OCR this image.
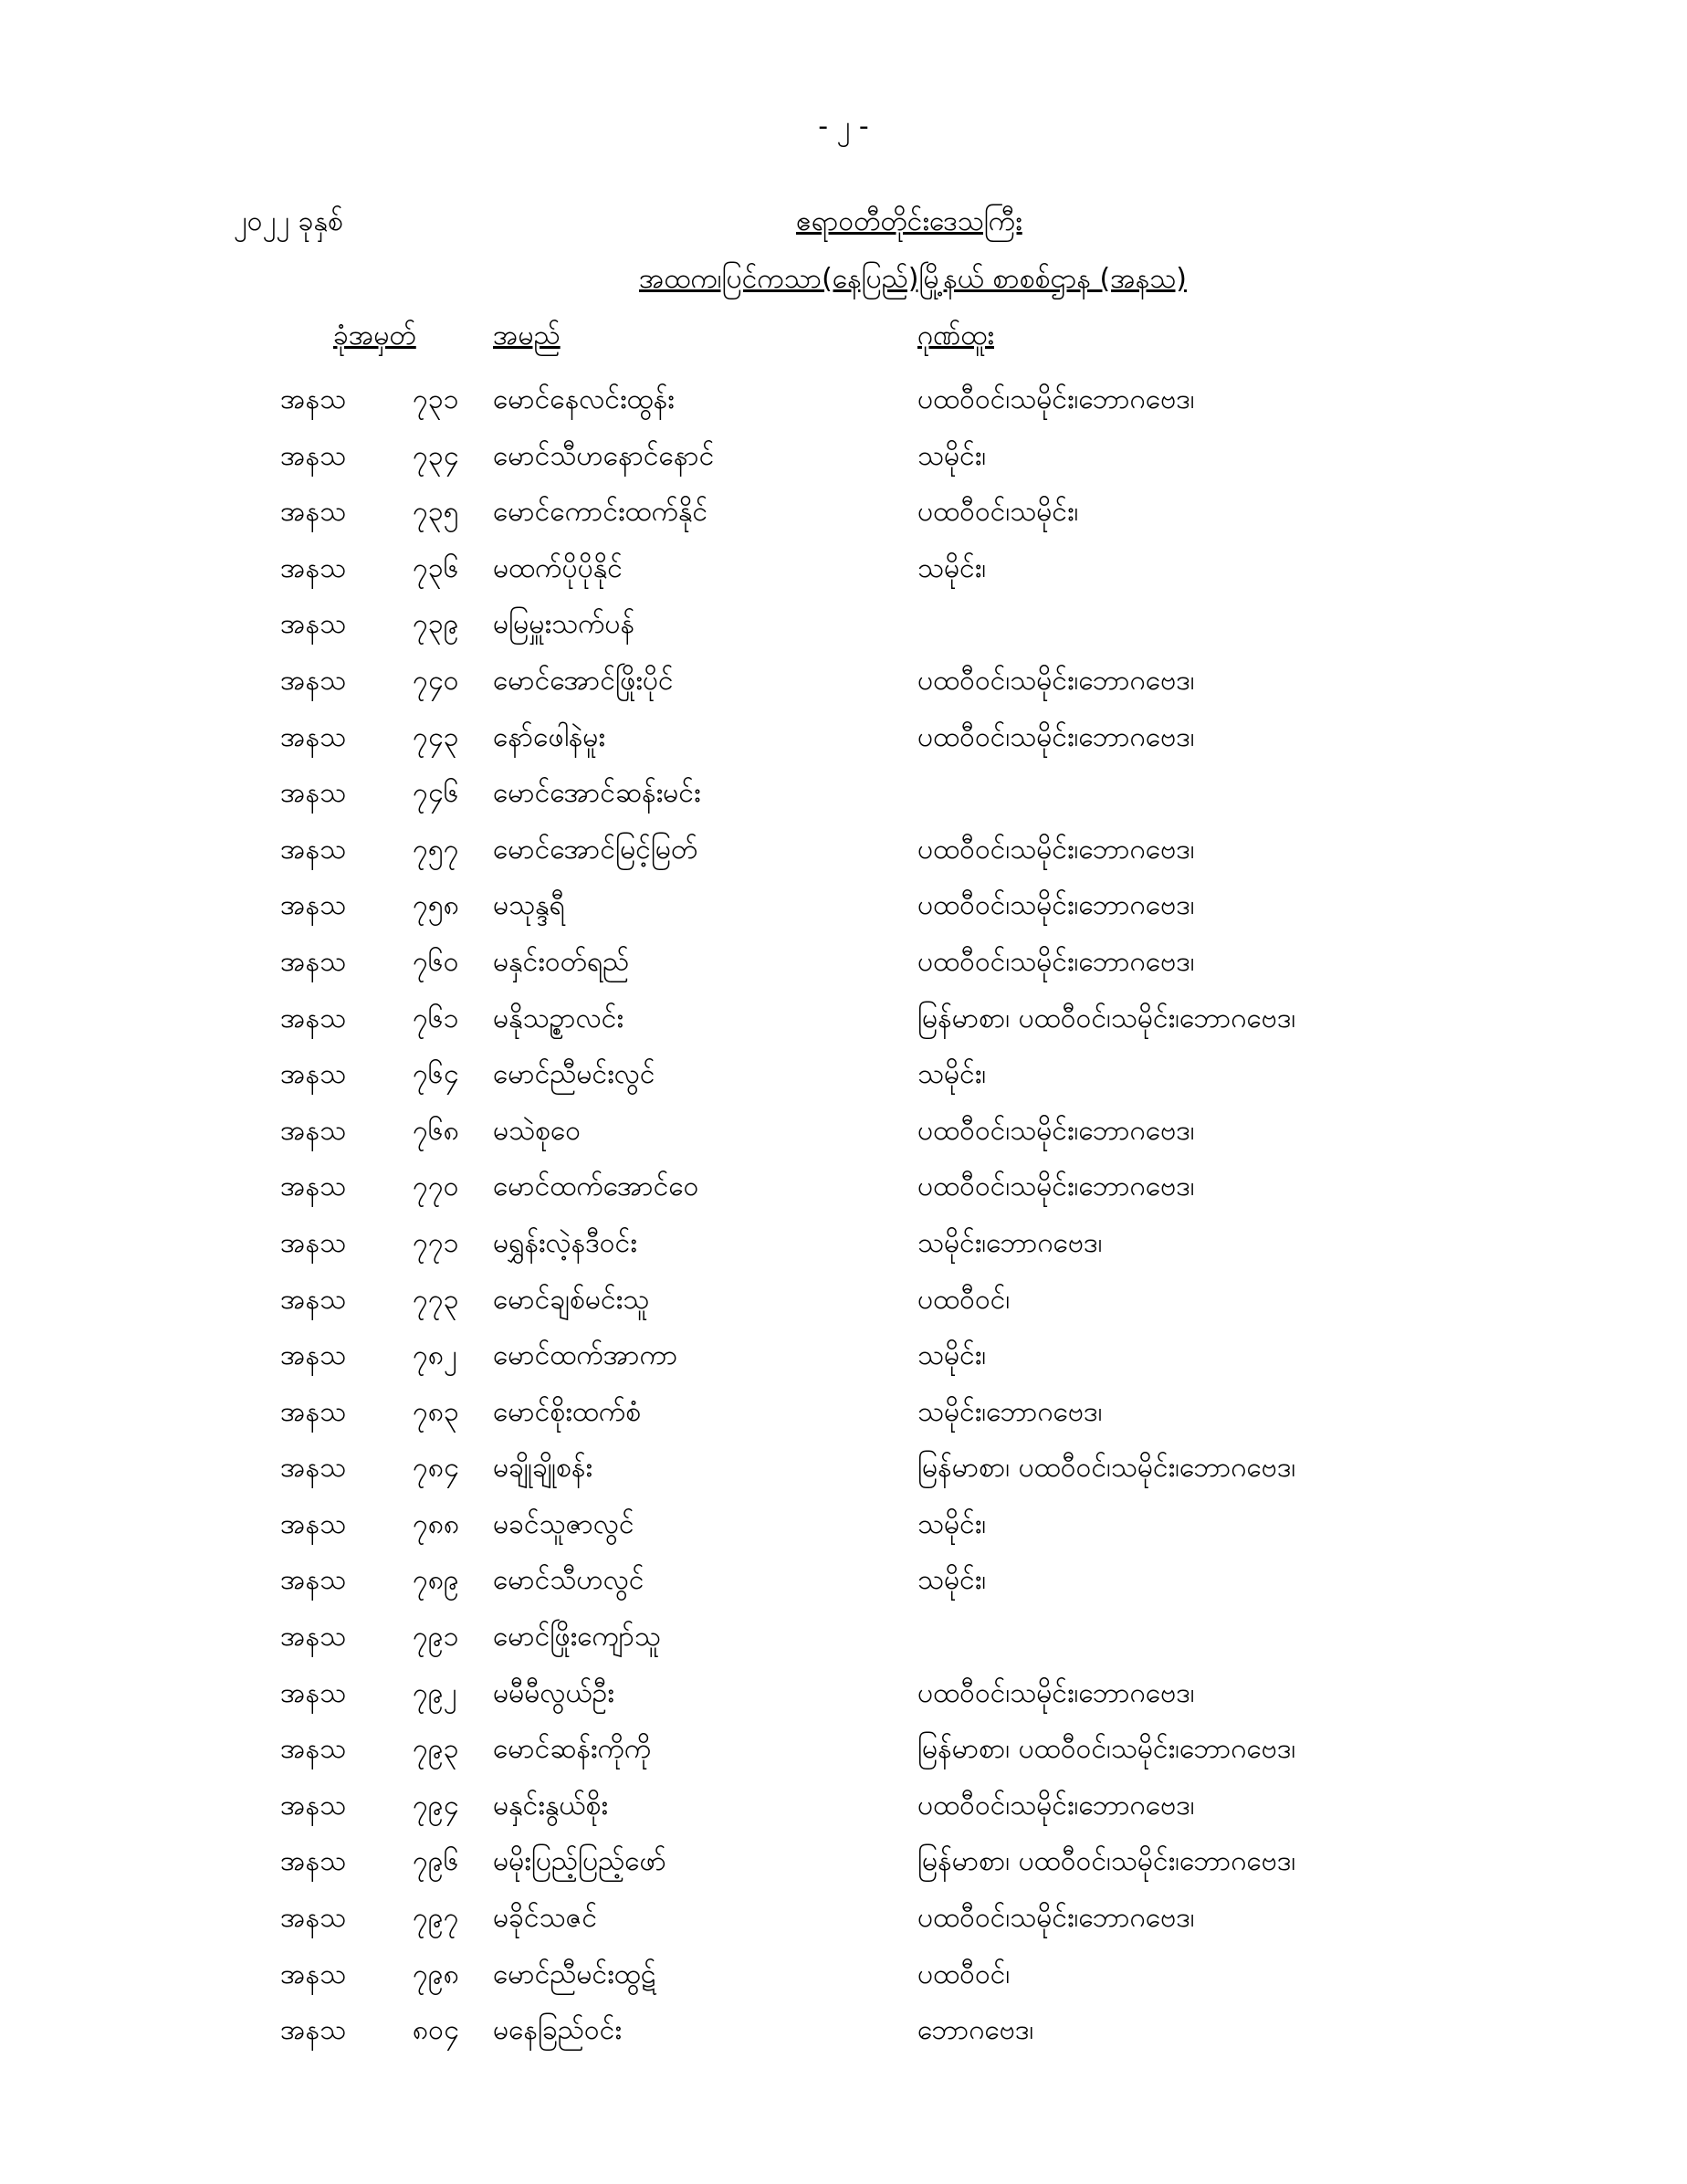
- ၂ -
၂၀၂၂ ခုနှစ်	ဧရာဝတီတိုင်းဒေသကြီး
အထက၊ပြင်ကသာ(နေပြည်)မြို့နယ် စာစစ်ဌာန (အနသ)
ခုံအမှတ်	အမည်	ဂုဏ်ထူး
အနသ ၇၃၁ မောင်နေလင်းထွန်း	ပထဝီဝင်၊သမိုင်း၊ဘောဂဗေဒ၊
အနသ ၇၃၄ မောင်သီဟနောင်နောင်	သမိုင်း၊
အနသ ၇၃၅ မောင်ကောင်းထက်နိုင်	ပထဝီဝင်၊သမိုင်း၊
အနသ ၇၃၆ မထက်ပိုပိုနိုင်	သမိုင်း၊
အနသ ၇၃၉ မမြမှူးသက်ပန်
အနသ ၇၄၀ မောင်အောင်ဖြိုးပိုင်	ပထဝီဝင်၊သမိုင်း၊ဘောဂဗေဒ၊
အနသ ၇၄၃ နော်ဖေါနဲမူး	ပထဝီဝင်၊သမိုင်း၊ဘောဂဗေဒ၊
အနသ ၇၄၆ မောင်အောင်ဆန်းမင်း
အနသ ၇၅၇ မောင်အောင်မြင့်မြတ်	ပထဝီဝင်၊သမိုင်း၊ဘောဂဗေဒ၊
အနသ ၇၅၈ မသုန္ဒရီ	ပထဝီဝင်၊သမိုင်း၊ဘောဂဗေဒ၊
အနသ ၇၆၀ မနှင်းဝတ်ရည်	ပထဝီဝင်၊သမိုင်း၊ဘောဂဗေဒ၊
အနသ ၇၆၁ မနိုသဥ္စာလင်း	မြန်မာစာ၊ ပထဝီဝင်၊သမိုင်း၊ဘောဂဗေဒ၊
အနသ ၇၆၄ မောင်ညီမင်းလွင်	သမိုင်း၊
အနသ ၇၆၈ မသဲစုဝေ	ပထဝီဝင်၊သမိုင်း၊ဘောဂဗေဒ၊
အနသ ၇၇၀ မောင်ထက်အောင်ဝေ	ပထဝီဝင်၊သမိုင်း၊ဘောဂဗေဒ၊
အနသ ၇၇၁ မရွှန်းလဲ့နဒီဝင်း	သမိုင်း၊ဘောဂဗေဒ၊
အနသ ၇၇၃ မောင်ချစ်မင်းသူ	ပထဝီဝင်၊
အနသ ၇၈၂ မောင်ထက်အာကာ	သမိုင်း၊
အနသ ၇၈၃ မောင်စိုးထက်စံ	သမိုင်း၊ဘောဂဗေဒ၊
အနသ ၇၈၄ မချိုချိုစန်း	မြန်မာစာ၊ ပထဝီဝင်၊သမိုင်း၊ဘောဂဗေဒ၊
အနသ ၇၈၈ မခင်သူဇာလွင်	သမိုင်း၊
အနသ ၇၈၉ မောင်သီဟလွင်	သမိုင်း၊
အနသ ၇၉၁ မောင်ဖြိုးကျော်သူ
အနသ ၇၉၂ မမီမီလွယ်ဦး	ပထဝီဝင်၊သမိုင်း၊ဘောဂဗေဒ၊
အနသ ၇၉၃ မောင်ဆန်းကိုကို	မြန်မာစာ၊ ပထဝီဝင်၊သမိုင်း၊ဘောဂဗေဒ၊
အနသ ၇၉၄ မနှင်းနွယ်စိုး	ပထဝီဝင်၊သမိုင်း၊ဘောဂဗေဒ၊
အနသ ၇၉၆ မမိုးပြည့်ပြည့်ဖော်	မြန်မာစာ၊ ပထဝီဝင်၊သမိုင်း၊ဘောဂဗေဒ၊
အနသ ၇၉၇ မခိုင်သဇင်	ပထဝီဝင်၊သမိုင်း၊ဘောဂဗေဒ၊
အနသ ၇၉၈ မောင်ညီမင်းထွဋ်	ပထဝီဝင်၊
အနသ ၈၀၄ မနေခြည်ဝင်း	ဘောဂဗေဒ၊
